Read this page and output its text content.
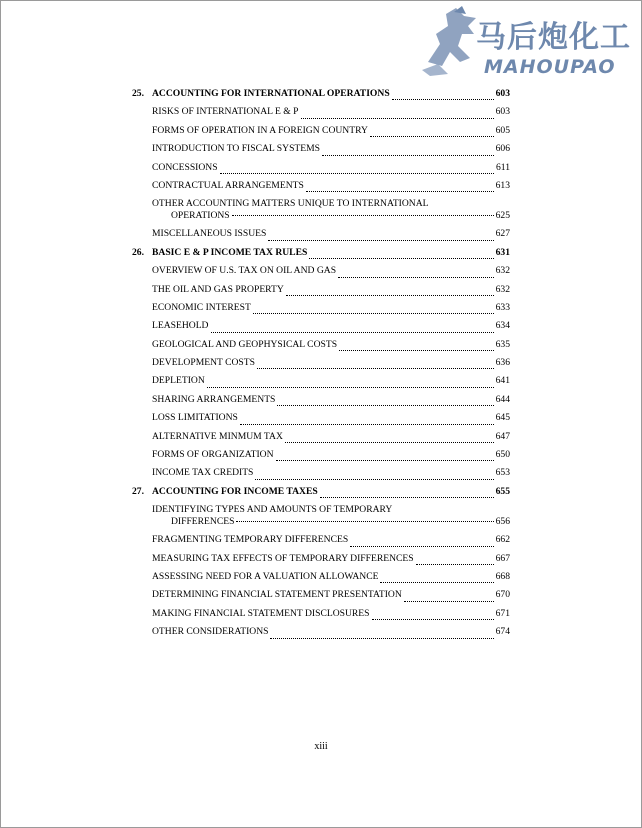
马后炮化工
MAHOUPAO
25. ACCOUNTING FOR INTERNATIONAL OPERATIONS	603
RISKS OF INTERNATIONAL E & P	603
FORMS OF OPERATION IN A FOREIGN COUNTRY	605
INTRODUCTION TO FISCAL SYSTEMS	606
CONCESSIONS	611
CONTRACTUAL ARRANGEMENTS	613
OTHER ACCOUNTING MATTERS UNIQUE TO INTERNATIONAL
OPERATIONS	625
MISCELLANEOUS ISSUES	627
26. BASIC E & P INCOME TAX RULES	631
OVERVIEW OF U.S. TAX ON OIL AND GAS	632
THE OIL AND GAS PROPERTY	632
ECONOMIC INTEREST	633
LEASEHOLD	634
GEOLOGICAL AND GEOPHYSICAL COSTS	635
DEVELOPMENT COSTS	636
DEPLETION	641
SHARING ARRANGEMENTS	644
LOSS LIMITATIONS	645
ALTERNATIVE MINMUM TAX	647
FORMS OF ORGANIZATION	650
INCOME TAX CREDITS	653
27. ACCOUNTING FOR INCOME TAXES	655
IDENTIFYING TYPES AND AMOUNTS OF TEMPORARY
DIFFERENCES	656
FRAGMENTING TEMPORARY DIFFERENCES	662
MEASURING TAX EFFECTS OF TEMPORARY DIFFERENCES	667
ASSESSING NEED FOR A VALUATION ALLOWANCE	668
DETERMINING FINANCIAL STATEMENT PRESENTATION	670
MAKING FINANCIAL STATEMENT DISCLOSURES	671
OTHER CONSIDERATIONS	674
xiii
